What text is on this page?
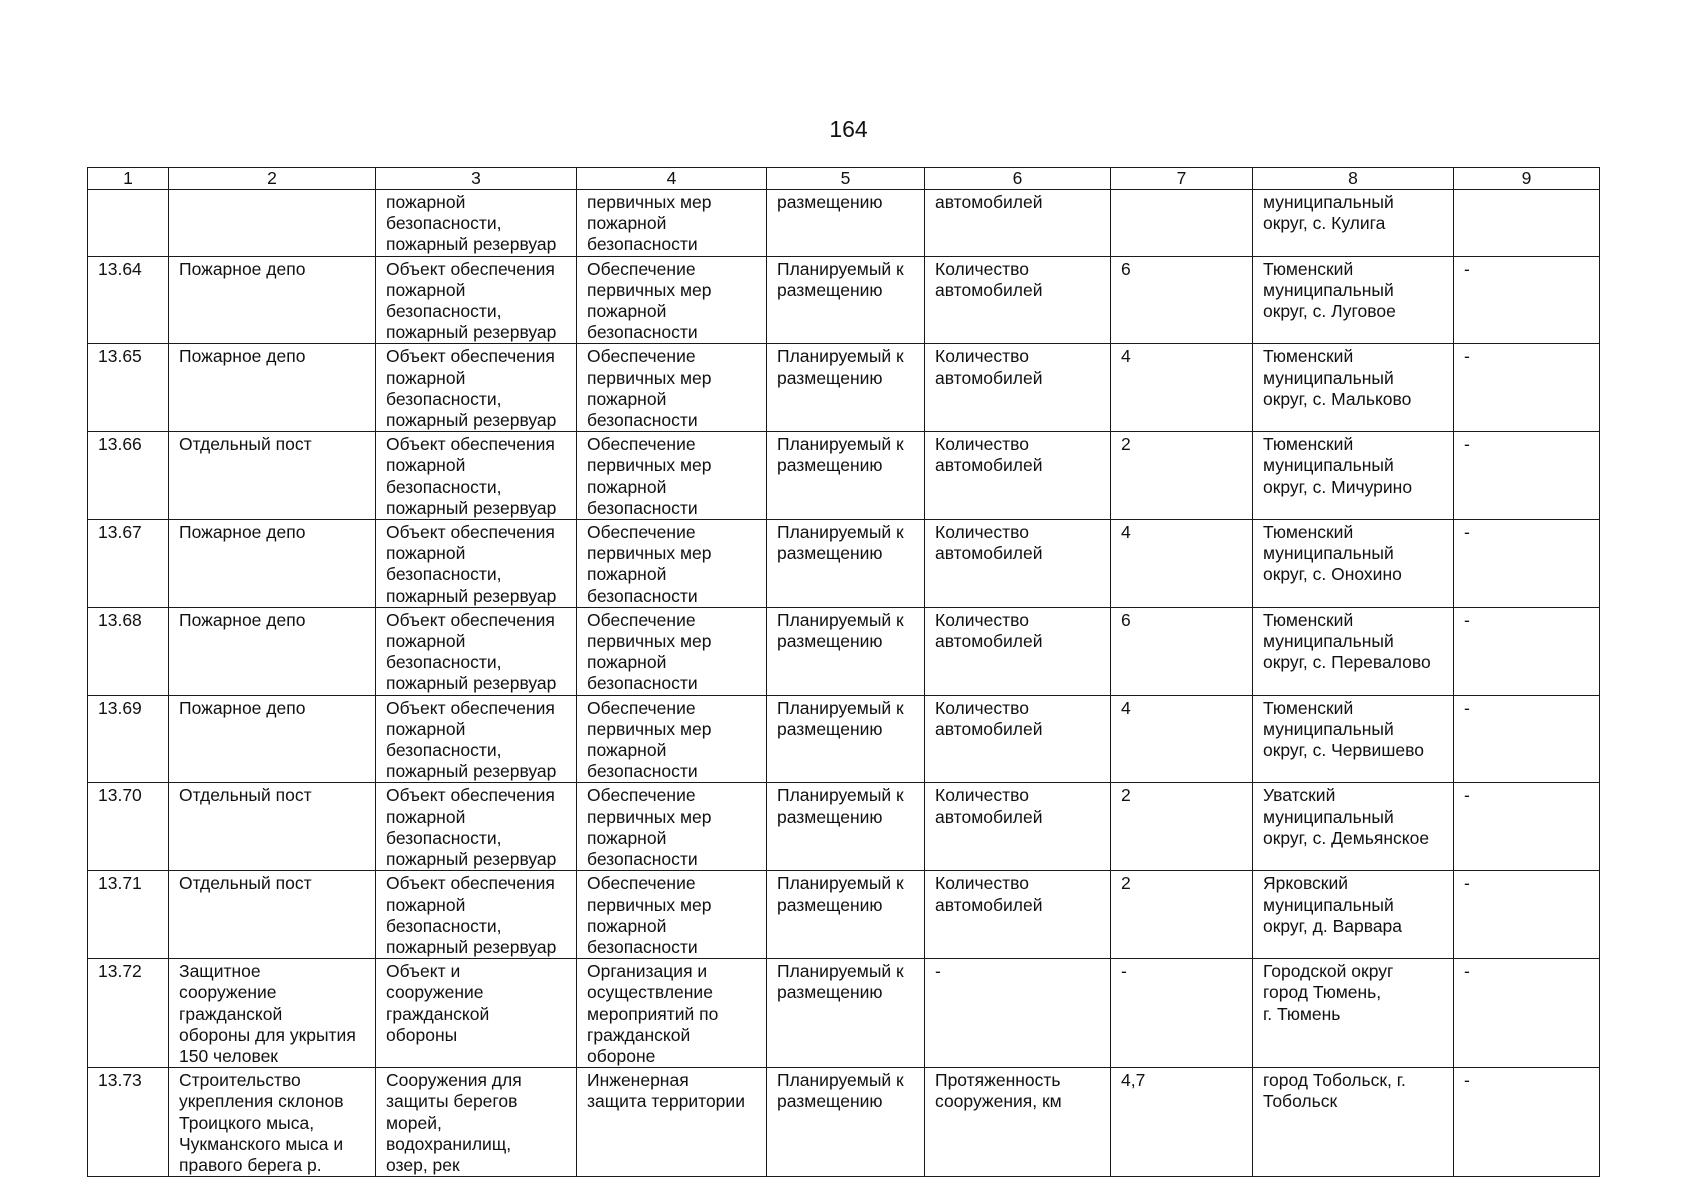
164
1	2	3	4	5	6	7	8	9
		пожарной
безопасности,
пожарный резервуар	первичных мер
пожарной
безопасности	размещению	автомобилей		муниципальный
округ, с. Кулига	
13.64	Пожарное депо	Объект обеспечения
пожарной
безопасности,
пожарный резервуар	Обеспечение
первичных мер
пожарной
безопасности	Планируемый к
размещению	Количество
автомобилей	6	Тюменский
муниципальный
округ, с. Луговое	-
13.65	Пожарное депо	Объект обеспечения
пожарной
безопасности,
пожарный резервуар	Обеспечение
первичных мер
пожарной
безопасности	Планируемый к
размещению	Количество
автомобилей	4	Тюменский
муниципальный
округ, с. Мальково	-
13.66	Отдельный пост	Объект обеспечения
пожарной
безопасности,
пожарный резервуар	Обеспечение
первичных мер
пожарной
безопасности	Планируемый к
размещению	Количество
автомобилей	2	Тюменский
муниципальный
округ, с. Мичурино	-
13.67	Пожарное депо	Объект обеспечения
пожарной
безопасности,
пожарный резервуар	Обеспечение
первичных мер
пожарной
безопасности	Планируемый к
размещению	Количество
автомобилей	4	Тюменский
муниципальный
округ, с. Онохино	-
13.68	Пожарное депо	Объект обеспечения
пожарной
безопасности,
пожарный резервуар	Обеспечение
первичных мер
пожарной
безопасности	Планируемый к
размещению	Количество
автомобилей	6	Тюменский
муниципальный
округ, с. Перевалово	-
13.69	Пожарное депо	Объект обеспечения
пожарной
безопасности,
пожарный резервуар	Обеспечение
первичных мер
пожарной
безопасности	Планируемый к
размещению	Количество
автомобилей	4	Тюменский
муниципальный
округ, с. Червишево	-
13.70	Отдельный пост	Объект обеспечения
пожарной
безопасности,
пожарный резервуар	Обеспечение
первичных мер
пожарной
безопасности	Планируемый к
размещению	Количество
автомобилей	2	Уватский
муниципальный
округ, с. Демьянское	-
13.71	Отдельный пост	Объект обеспечения
пожарной
безопасности,
пожарный резервуар	Обеспечение
первичных мер
пожарной
безопасности	Планируемый к
размещению	Количество
автомобилей	2	Ярковский
муниципальный
округ, д. Варвара	-
13.72	Защитное
сооружение
гражданской
обороны для укрытия
150 человек	Объект и
сооружение
гражданской
обороны	Организация и
осуществление
мероприятий по
гражданской
обороне	Планируемый к
размещению	-	-	Городской округ
город Тюмень,
г. Тюмень	-
13.73	Строительство
укрепления склонов
Троицкого мыса,
Чукманского мыса и
правого берега р.	Сооружения для
защиты берегов
морей,
водохранилищ,
озер, рек	Инженерная
защита территории	Планируемый к
размещению	Протяженность
сооружения, км	4,7	город Тобольск, г.
Тобольск	-
